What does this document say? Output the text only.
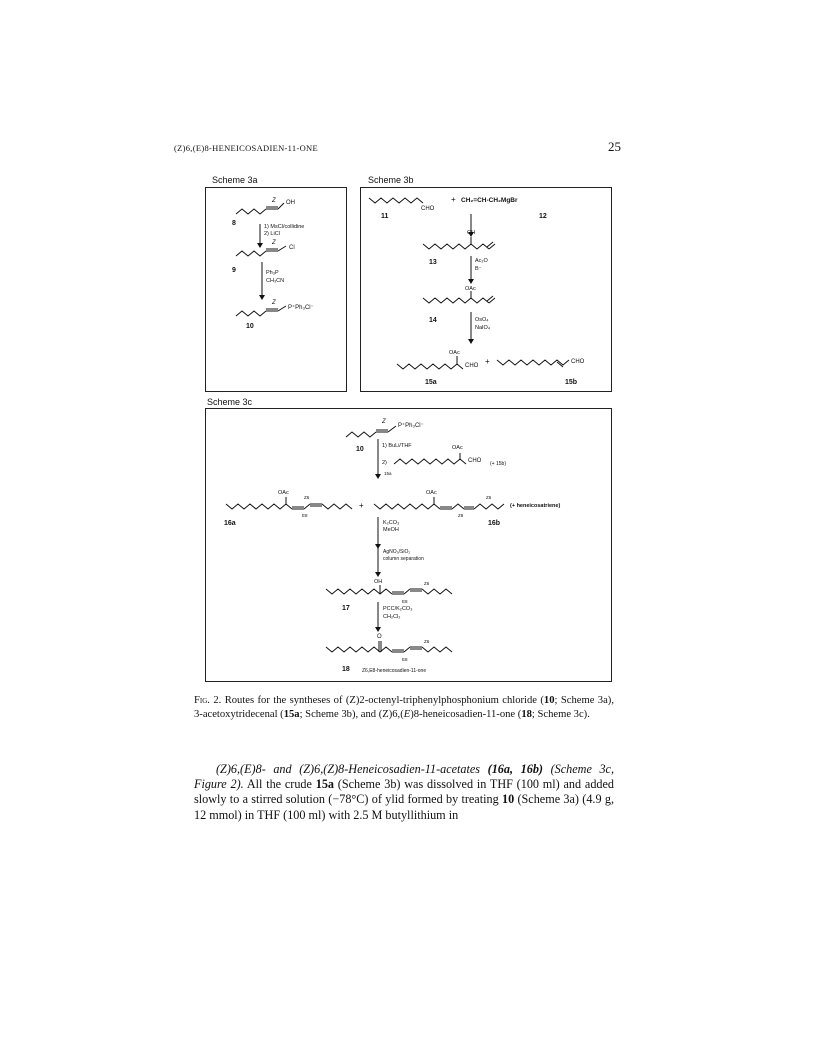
(Z)6,(E)8-HENEICOSADIEN-11-ONE	25
Scheme 3a	Scheme 3b
Scheme 3c
OH
Z
8	1) MsCl/collidine
2) LiCl
Z
Cl
9	Ph₃P
CH₃CN
Z
P⁺Ph₃Cl⁻
10
CHO
+ CH₂=CH-CH₂MgBr
11	12
OH
13	Ac₂O
B⁻
OAc
14	OsO₄
NaIO₄
OAc
CHO +	CHO
15a	15b
Z
P⁺Ph₃Cl⁻
10	1) BuLi/THF
2)
OAc
CHO (+ 15b)
15a
OAc
Z6
E8
+
OAc
Z6
Z8
(+ heneicosatriene)
16a	16b
K₂CO₃
MeOH
AgNO₃/SiO₂
column separation
OH	Z6
E8
17	PCC/K₂CO₃
CH₂Cl₂
O
Z6
E8
18 Z6,E8-heneicosadien-11-one
Fig. 2. Routes for the syntheses of (Z)2-octenyl-triphenylphosphonium chloride (10; Scheme 3a), 3-acetoxytridecenal (15a; Scheme 3b), and (Z)6,(E)8-heneicosadien-11-one (18; Scheme 3c).
(Z)6,(E)8- and (Z)6,(Z)8-Heneicosadien-11-acetates (16a, 16b) (Scheme 3c, Figure 2). All the crude 15a (Scheme 3b) was dissolved in THF (100 ml) and added slowly to a stirred solution (−78°C) of ylid formed by treating 10 (Scheme 3a) (4.9 g, 12 mmol) in THF (100 ml) with 2.5 M butyllithium in
